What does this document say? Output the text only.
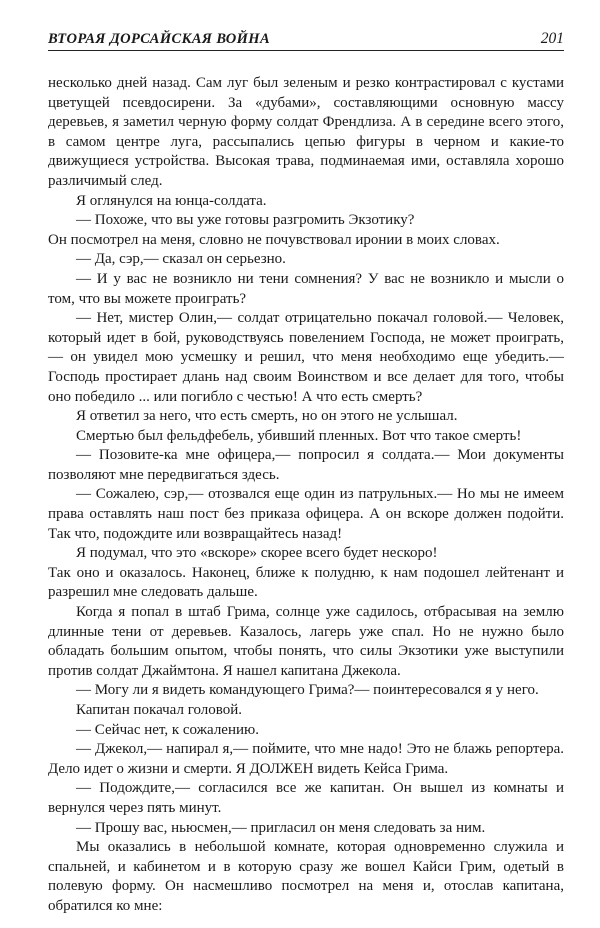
ВТОРАЯ ДОРСАЙСКАЯ ВОЙНА	201

несколько дней назад. Сам луг был зеленым и резко контрастировал с кустами цветущей псевдосирени. За «дубами», составляющими основную массу деревьев, я заметил черную форму солдат Френдлиза. А в середине всего этого, в самом центре луга, рассыпались цепью фигуры в черном и какие-то движущиеся устройства. Высокая трава, подминаемая ими, оставляла хорошо различимый след.

Я оглянулся на юнца-солдата.

— Похоже, что вы уже готовы разгромить Экзотику?

Он посмотрел на меня, словно не почувствовал иронии в моих словах.

— Да, сэр,— сказал он серьезно.

— И у вас не возникло ни тени сомнения? У вас не возникло и мысли о том, что вы можете проиграть?

— Нет, мистер Олин,— солдат отрицательно покачал головой.— Человек, который идет в бой, руководствуясь повелением Господа, не может проиграть,— он увидел мою усмешку и решил, что меня необходимо еще убедить.— Господь простирает длань над своим Воинством и все делает для того, чтобы оно победило ... или погибло с честью! А что есть смерть?

Я ответил за него, что есть смерть, но он этого не услышал.

Смертью был фельдфебель, убивший пленных. Вот что такое смерть!

— Позовите-ка мне офицера,— попросил я солдата.— Мои документы позволяют мне передвигаться здесь.

— Сожалею, сэр,— отозвался еще один из патрульных.— Но мы не имеем права оставлять наш пост без приказа офицера. А он вскоре должен подойти. Так что, подождите или возвращайтесь назад!

Я подумал, что это «вскоре» скорее всего будет нескоро!

Так оно и оказалось. Наконец, ближе к полудню, к нам подошел лейтенант и разрешил мне следовать дальше.

Когда я попал в штаб Грима, солнце уже садилось, отбрасывая на землю длинные тени от деревьев. Казалось, лагерь уже спал. Но не нужно было обладать большим опытом, чтобы понять, что силы Экзотики уже выступили против солдат Джаймтона. Я нашел капитана Джекола.

— Могу ли я видеть командующего Грима?— поинтересовался я у него.

Капитан покачал головой.

— Сейчас нет, к сожалению.

— Джекол,— напирал я,— поймите, что мне надо! Это не блажь репортера. Дело идет о жизни и смерти. Я ДОЛЖЕН видеть Кейса Грима.

— Подождите,— согласился все же капитан. Он вышел из комнаты и вернулся через пять минут.

— Прошу вас, ньюсмен,— пригласил он меня следовать за ним.

Мы оказались в небольшой комнате, которая одновременно служила и спальней, и кабинетом и в которую сразу же вошел Кайси Грим, одетый в полевую форму. Он насмешливо посмотрел на меня и, отослав капитана, обратился ко мне:
